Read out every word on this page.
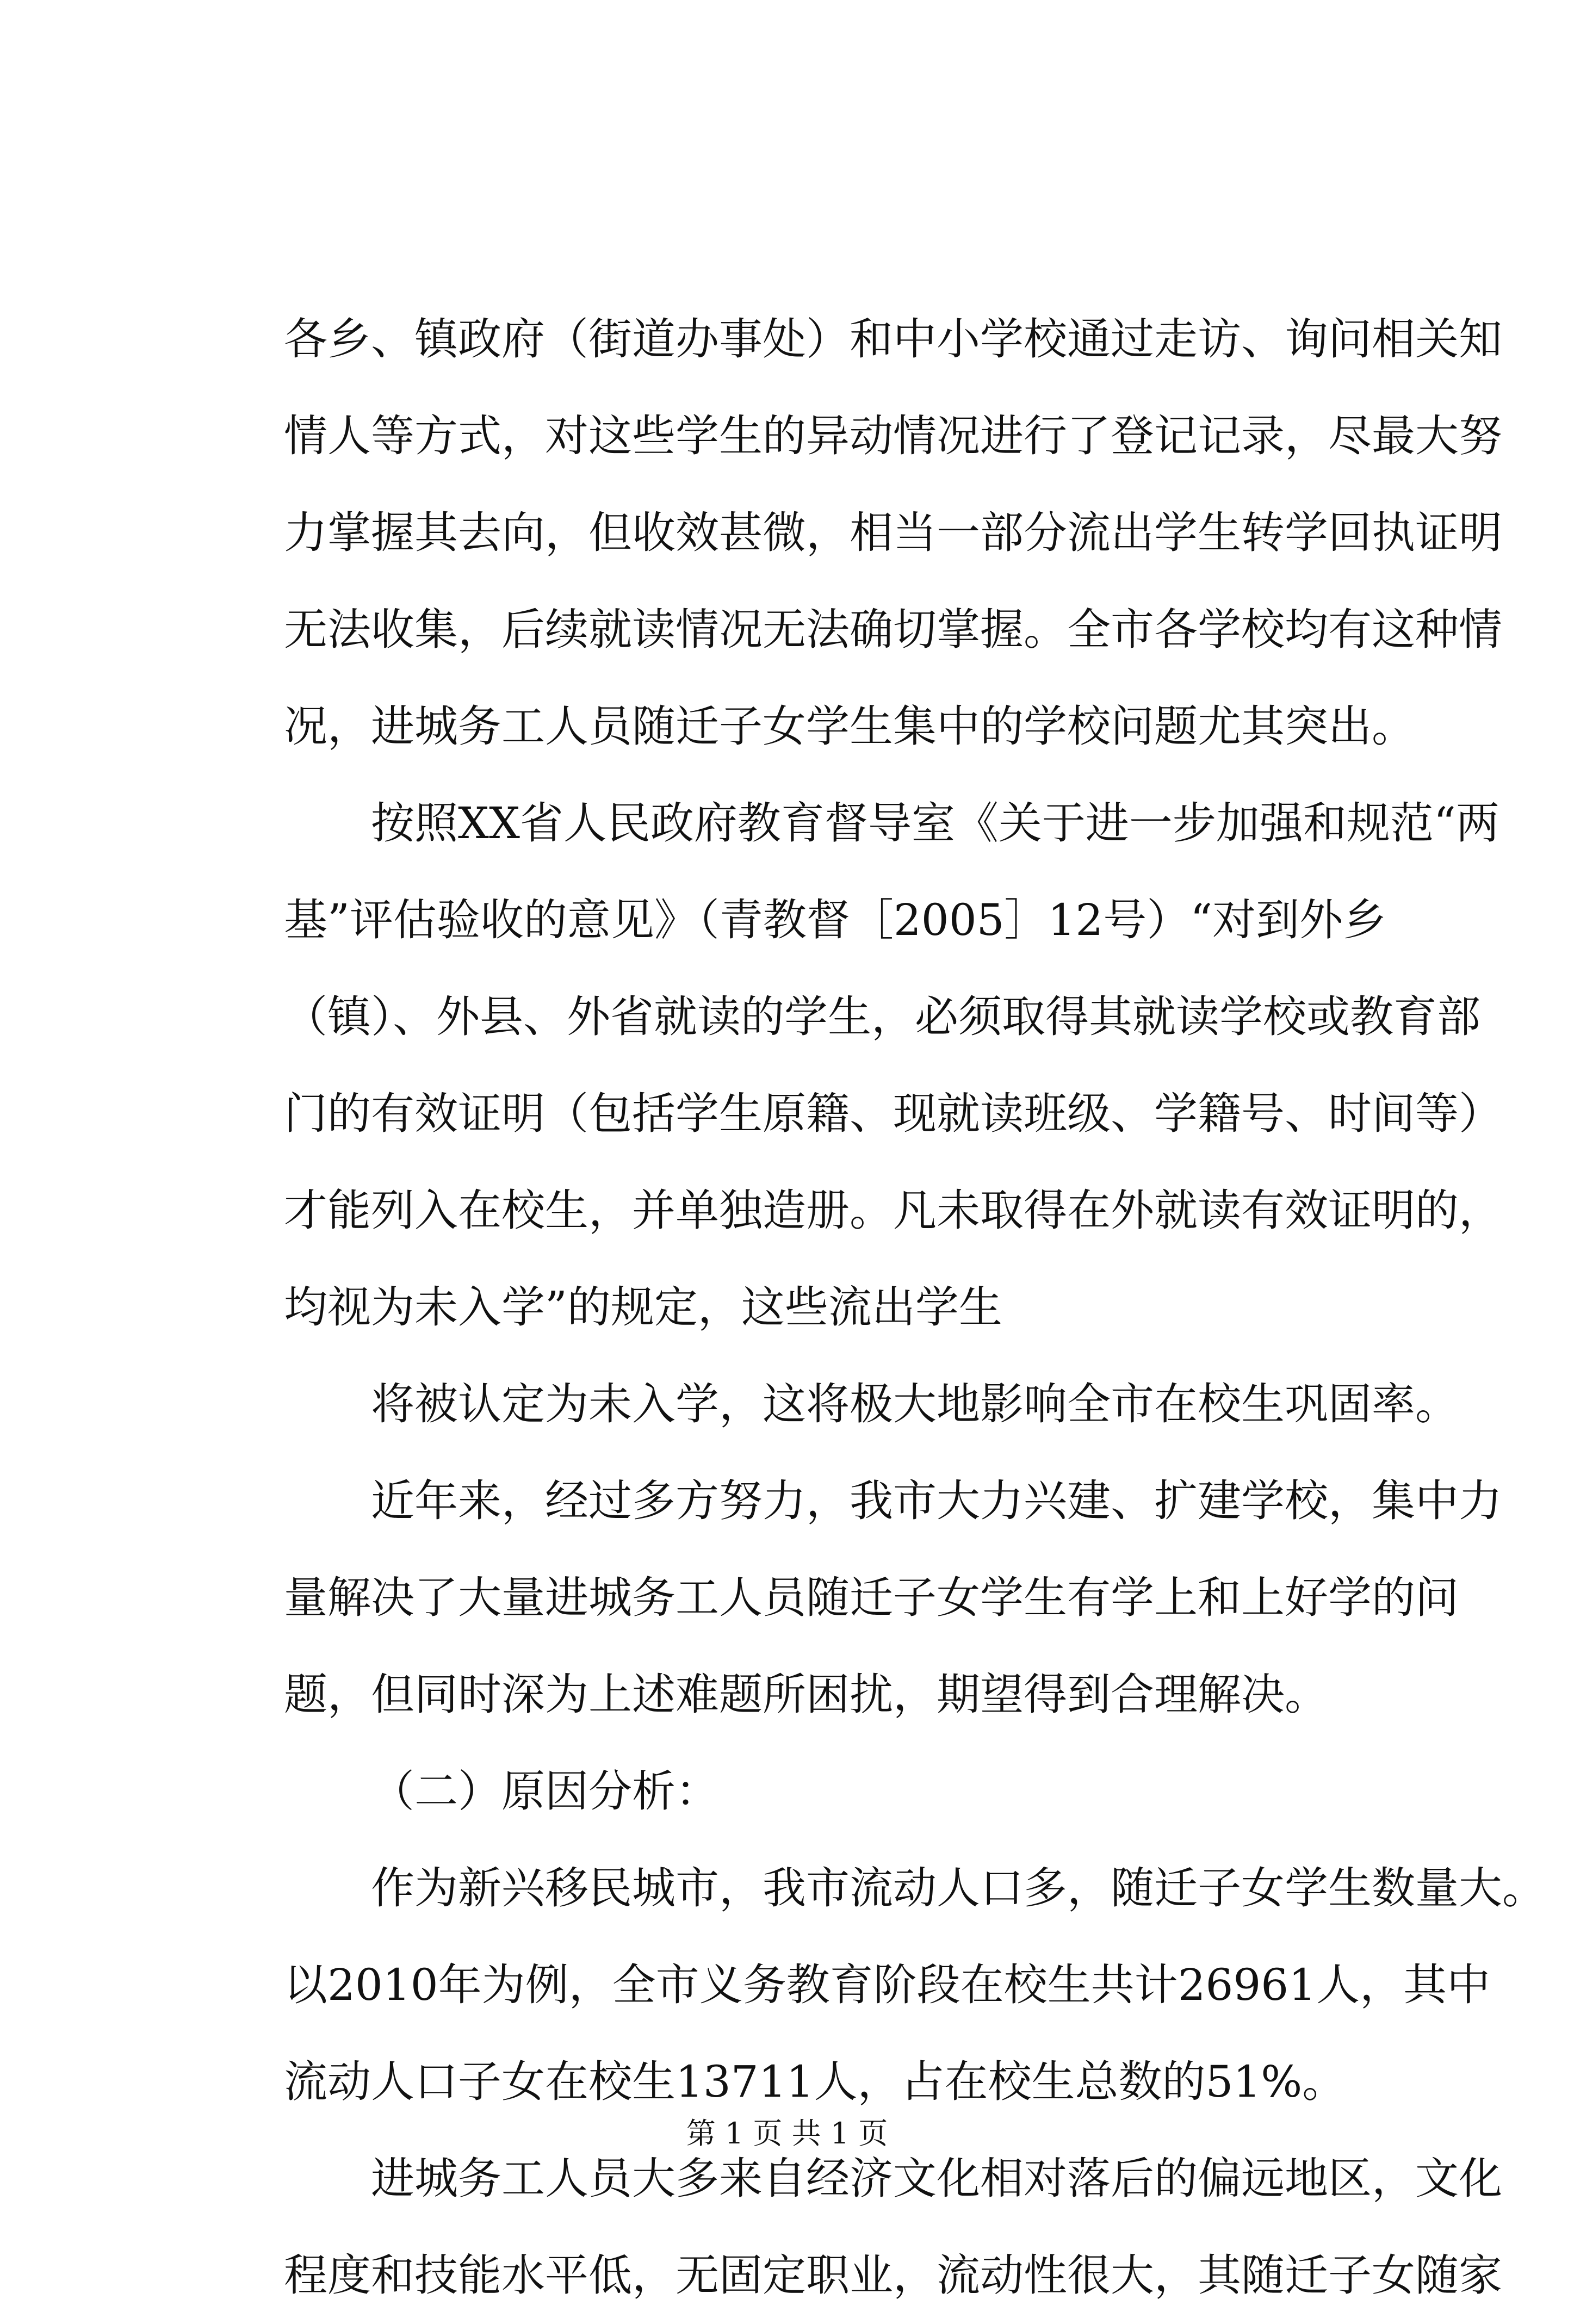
各乡、镇政府（街道办事处）和中小学校通过走访、询问相关知
情人等方式，对这些学生的异动情况进行了登记记录，尽最大努
力掌握其去向，但收效甚微，相当一部分流出学生转学回执证明
无法收集，后续就读情况无法确切掌握。全市各学校均有这种情
况，进城务工人员随迁子女学生集中的学校问题尤其突出。
按照XX省人民政府教育督导室《关于进一步加强和规范“两
基”评估验收的意见》（青教督［2005］12号）“对到外乡
（镇）、外县、外省就读的学生，必须取得其就读学校或教育部
门的有效证明（包括学生原籍、现就读班级、学籍号、时间等）
才能列入在校生，并单独造册。凡未取得在外就读有效证明的，
均视为未入学”的规定，这些流出学生
将被认定为未入学，这将极大地影响全市在校生巩固率。
近年来，经过多方努力，我市大力兴建、扩建学校，集中力
量解决了大量进城务工人员随迁子女学生有学上和上好学的问
题，但同时深为上述难题所困扰，期望得到合理解决。
（二）原因分析：
作为新兴移民城市，我市流动人口多，随迁子女学生数量大。
以2010年为例，全市义务教育阶段在校生共计26961人，其中
流动人口子女在校生13711人，占在校生总数的51%。
进城务工人员大多来自经济文化相对落后的偏远地区，文化
程度和技能水平低，无固定职业，流动性很大，其随迁子女随家
第 1 页 共 1 页
